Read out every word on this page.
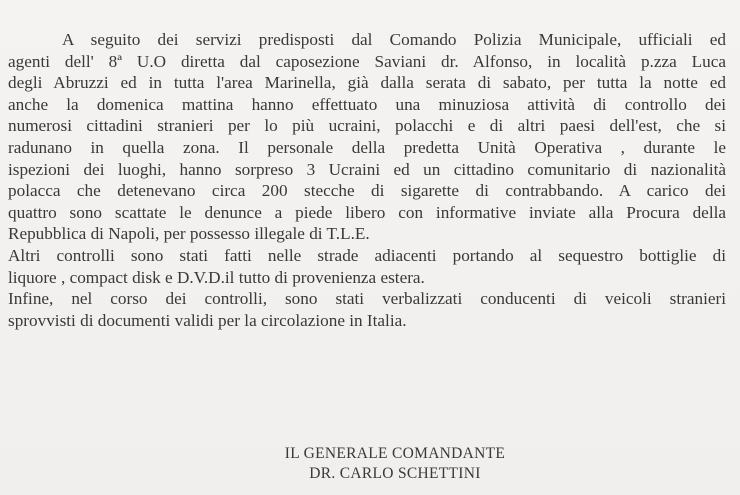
A seguito dei servizi predisposti dal Comando Polizia Municipale, ufficiali ed
agenti dell' 8ª U.O diretta dal caposezione Saviani dr. Alfonso, in località p.zza Luca
degli Abruzzi ed in tutta l'area Marinella, già dalla serata di sabato, per tutta la notte ed
anche la domenica mattina hanno effettuato una minuziosa attività di controllo dei
numerosi cittadini stranieri per lo più ucraini, polacchi e di altri paesi dell'est, che si
radunano in quella zona. Il personale della predetta Unità Operativa , durante le
ispezioni dei luoghi, hanno sorpreso 3 Ucraini ed un cittadino comunitario di nazionalità
polacca che detenevano circa 200 stecche di sigarette di contrabbando. A carico dei
quattro sono scattate le denunce a piede libero con informative inviate alla Procura della
Repubblica di Napoli, per possesso illegale di T.L.E.
Altri controlli sono stati fatti nelle strade adiacenti portando al sequestro bottiglie di
liquore , compact disk e D.V.D.il tutto di provenienza estera.
Infine, nel corso dei controlli, sono stati verbalizzati conducenti di veicoli stranieri
sprovvisti di documenti validi per la circolazione in Italia.
IL GENERALE COMANDANTE
DR. CARLO SCHETTINI
